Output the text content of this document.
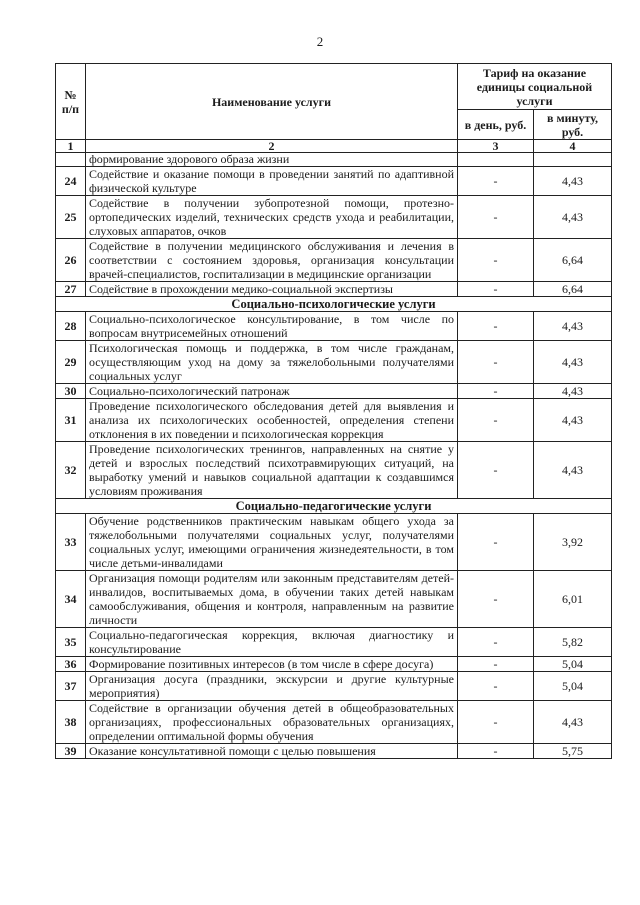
2
№ п/п	Наименование услуги	Тариф на оказание единицы социальной услуги	
		в день, руб.	в минуту, руб.
1	2	3	4
	формирование здорового образа жизни		
24	Содействие и оказание помощи в проведении занятий по адаптивной физической культуре	-	4,43
25	Содействие в получении зубопротезной помощи, протезно-ортопедических изделий, технических средств ухода и реабилитации, слуховых аппаратов, очков	-	4,43
26	Содействие в получении медицинского обслуживания и лечения в соответствии с состоянием здоровья, организация консультации врачей-специалистов, госпитализации в медицинские организации	-	6,64
27	Содействие в прохождении медико-социальной экспертизы	-	6,64
Социально-психологические услуги			
28	Социально-психологическое консультирование, в том числе по вопросам внутрисемейных отношений	-	4,43
29	Психологическая помощь и поддержка, в том числе гражданам, осуществляющим уход на дому за тяжелобольными получателями социальных услуг	-	4,43
30	Социально-психологический патронаж	-	4,43
31	Проведение психологического обследования детей для выявления и анализа их психологических особенностей, определения степени отклонения в их поведении и психологическая коррекция	-	4,43
32	Проведение психологических тренингов, направленных на снятие у детей и взрослых последствий психотравмирующих ситуаций, на выработку умений и навыков социальной адаптации к создавшимся условиям проживания	-	4,43
Социально-педагогические услуги			
33	Обучение родственников практическим навыкам общего ухода за тяжелобольными получателями социальных услуг, получателями социальных услуг, имеющими ограничения жизнедеятельности, в том числе детьми-инвалидами	-	3,92
34	Организация помощи родителям или законным представителям детей-инвалидов, воспитываемых дома, в обучении таких детей навыкам самообслуживания, общения и контроля, направленным на развитие личности	-	6,01
35	Социально-педагогическая коррекция, включая диагностику и консультирование	-	5,82
36	Формирование позитивных интересов (в том числе в сфере досуга)	-	5,04
37	Организация досуга (праздники, экскурсии и другие культурные мероприятия)	-	5,04
38	Содействие в организации обучения детей в общеобразовательных организациях, профессиональных образовательных организациях, определении оптимальной формы обучения	-	4,43
39	Оказание консультативной помощи с целью повышения	-	5,75
